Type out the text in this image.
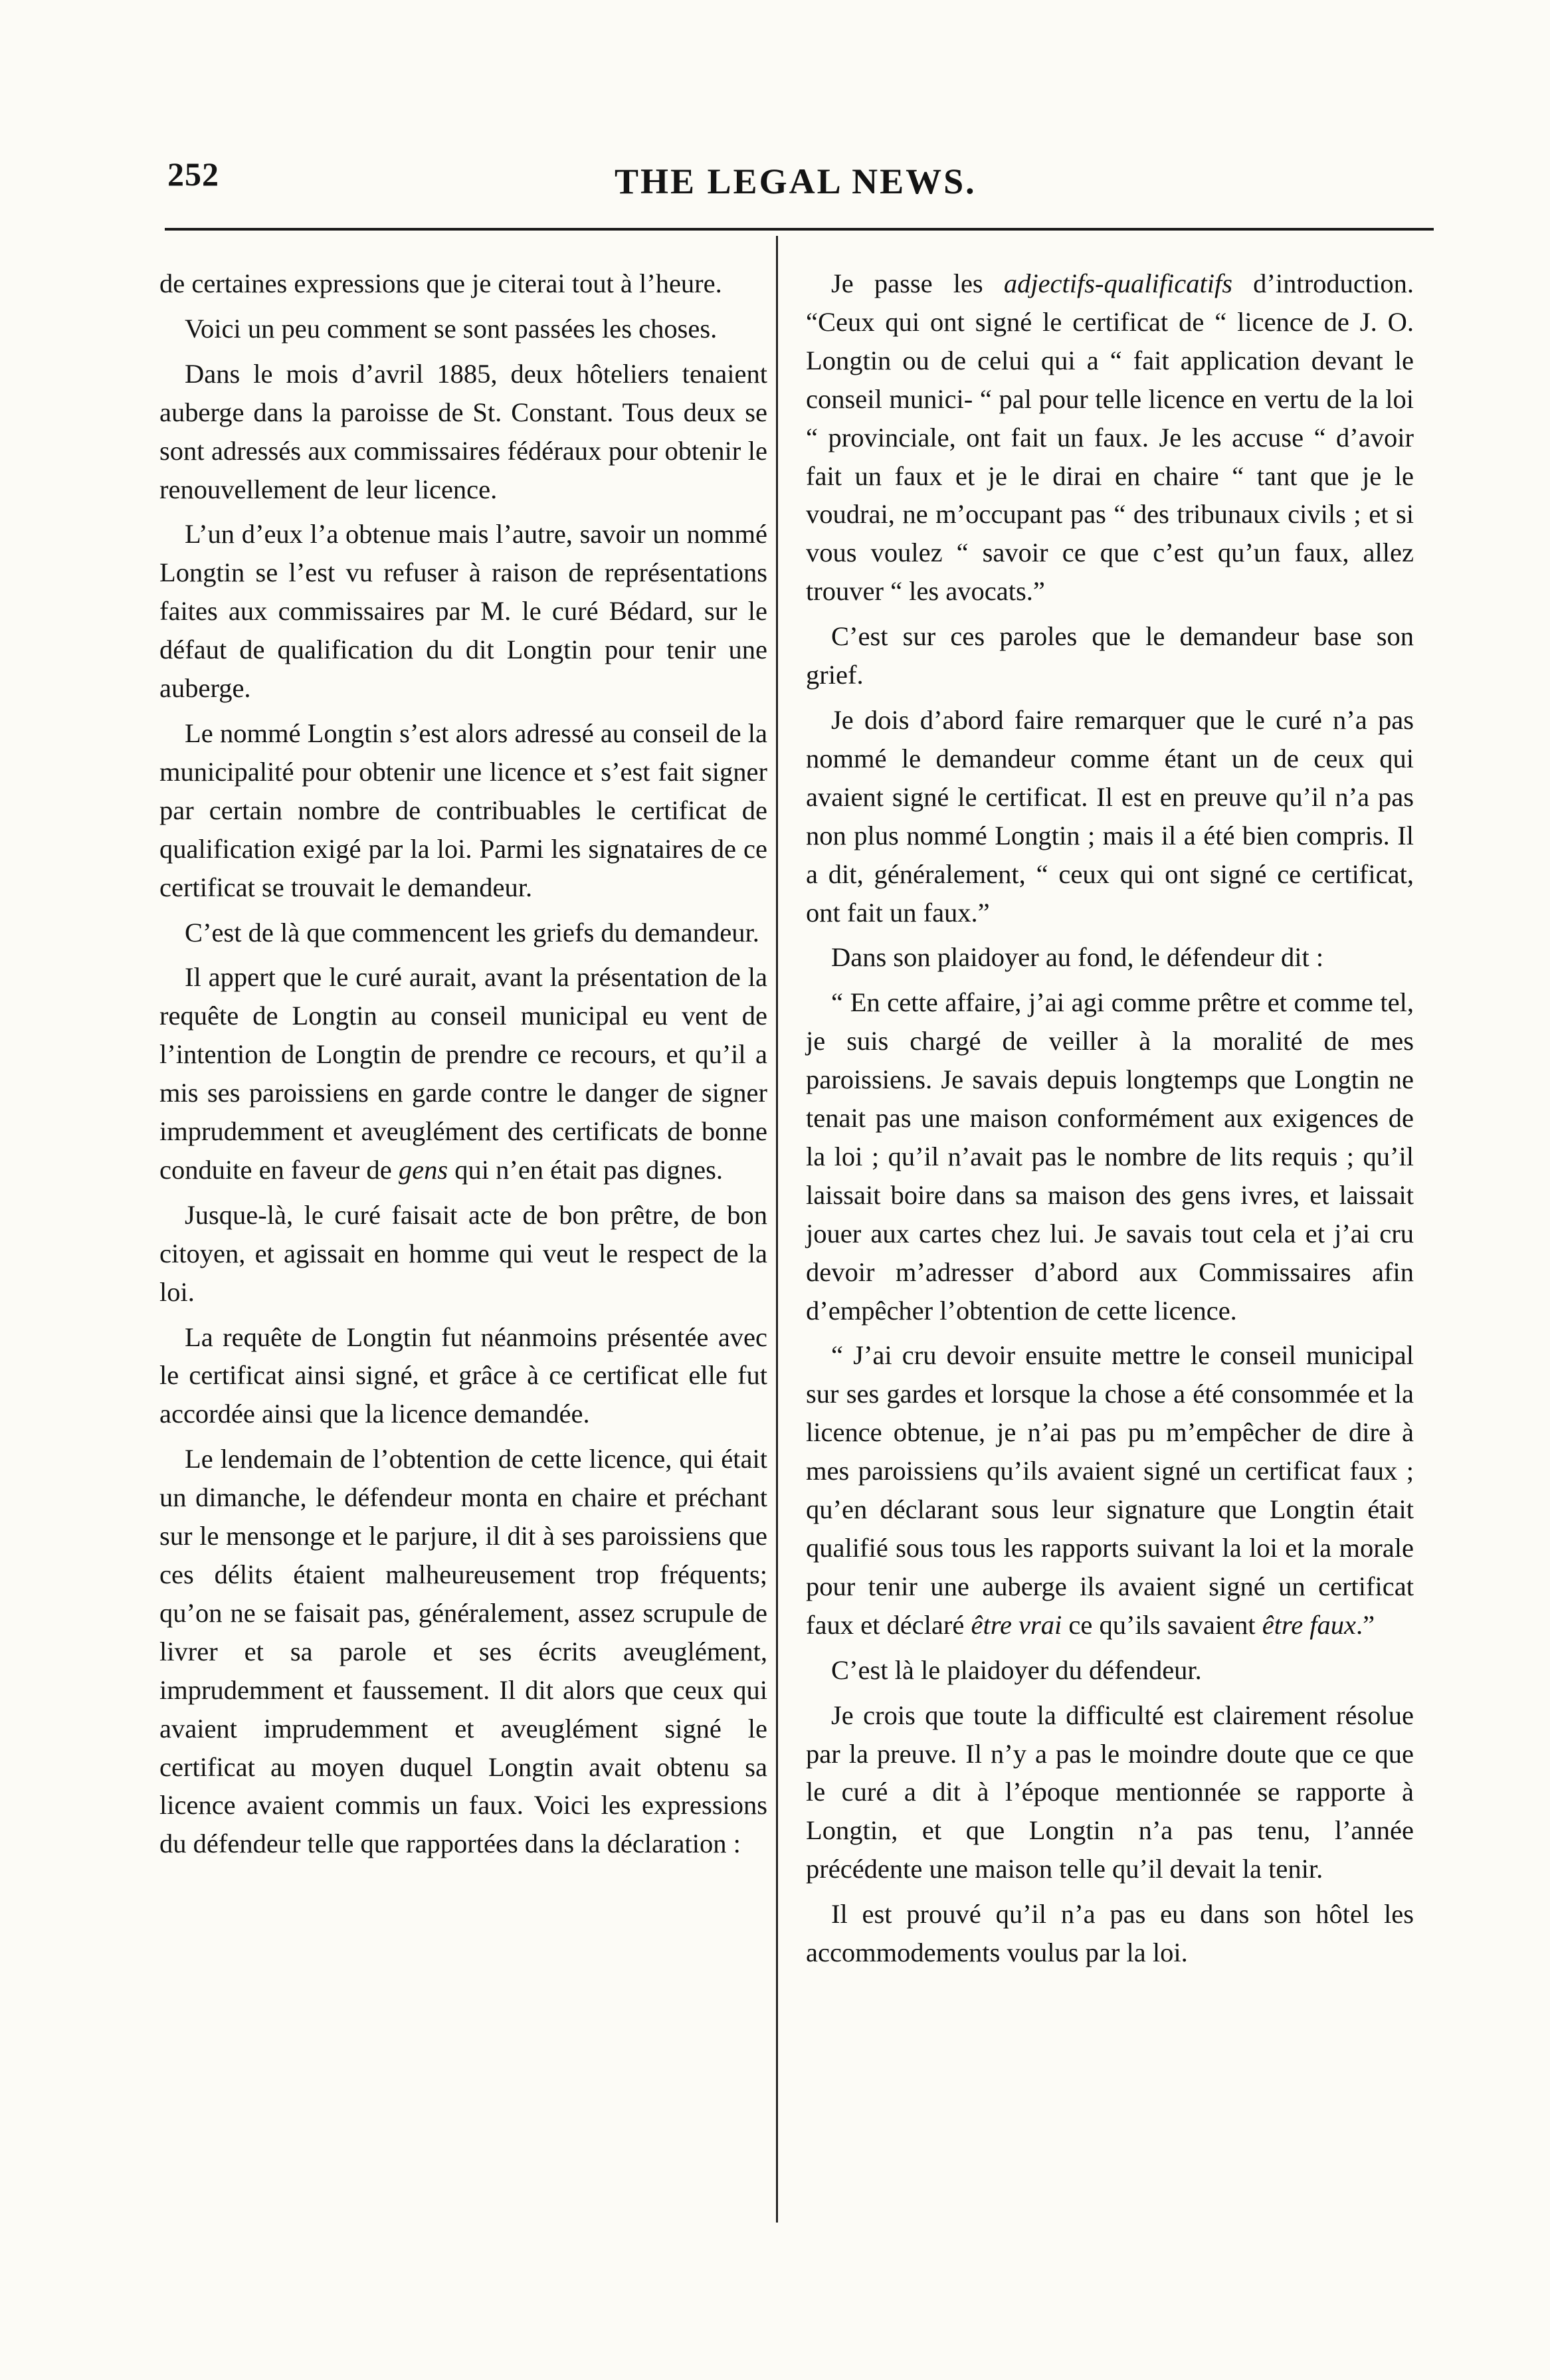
252	THE LEGAL NEWS.

de certaines expressions que je citerai tout à l’heure.

Voici un peu comment se sont passées les choses.

Dans le mois d’avril 1885, deux hôteliers tenaient auberge dans la paroisse de St. Constant. Tous deux se sont adressés aux commissaires fédéraux pour obtenir le renouvellement de leur licence.

L’un d’eux l’a obtenue mais l’autre, savoir un nommé Longtin se l’est vu refuser à raison de représentations faites aux commissaires par M. le curé Bédard, sur le défaut de qualification du dit Longtin pour tenir une auberge.

Le nommé Longtin s’est alors adressé au conseil de la municipalité pour obtenir une licence et s’est fait signer par certain nombre de contribuables le certificat de qualification exigé par la loi. Parmi les signataires de ce certificat se trouvait le demandeur.

C’est de là que commencent les griefs du demandeur.

Il appert que le curé aurait, avant la présentation de la requête de Longtin au conseil municipal eu vent de l’intention de Longtin de prendre ce recours, et qu’il a mis ses paroissiens en garde contre le danger de signer imprudemment et aveuglément des certificats de bonne conduite en faveur de gens qui n’en était pas dignes.

Jusque-là, le curé faisait acte de bon prêtre, de bon citoyen, et agissait en homme qui veut le respect de la loi.

La requête de Longtin fut néanmoins présentée avec le certificat ainsi signé, et grâce à ce certificat elle fut accordée ainsi que la licence demandée.

Le lendemain de l’obtention de cette licence, qui était un dimanche, le défendeur monta en chaire et préchant sur le mensonge et le parjure, il dit à ses paroissiens que ces délits étaient malheureusement trop fréquents; qu’on ne se faisait pas, généralement, assez scrupule de livrer et sa parole et ses écrits aveuglément, imprudemment et faussement. Il dit alors que ceux qui avaient imprudemment et aveuglément signé le certificat au moyen duquel Longtin avait obtenu sa licence avaient commis un faux. Voici les expressions du défendeur telle que rapportées dans la déclaration :

Je passe les adjectifs-qualificatifs d’introduction. “Ceux qui ont signé le certificat de “ licence de J. O. Longtin ou de celui qui a “ fait application devant le conseil munici- “ pal pour telle licence en vertu de la loi “ provinciale, ont fait un faux. Je les accuse “ d’avoir fait un faux et je le dirai en chaire “ tant que je le voudrai, ne m’occupant pas “ des tribunaux civils ; et si vous voulez “ savoir ce que c’est qu’un faux, allez trouver “ les avocats.”

C’est sur ces paroles que le demandeur base son grief.

Je dois d’abord faire remarquer que le curé n’a pas nommé le demandeur comme étant un de ceux qui avaient signé le certificat. Il est en preuve qu’il n’a pas non plus nommé Longtin ; mais il a été bien compris. Il a dit, généralement, “ ceux qui ont signé ce certificat, ont fait un faux.”

Dans son plaidoyer au fond, le défendeur dit :

“ En cette affaire, j’ai agi comme prêtre et comme tel, je suis chargé de veiller à la moralité de mes paroissiens. Je savais depuis longtemps que Longtin ne tenait pas une maison conformément aux exigences de la loi ; qu’il n’avait pas le nombre de lits requis ; qu’il laissait boire dans sa maison des gens ivres, et laissait jouer aux cartes chez lui. Je savais tout cela et j’ai cru devoir m’adresser d’abord aux Commissaires afin d’empêcher l’obtention de cette licence.

“ J’ai cru devoir ensuite mettre le conseil municipal sur ses gardes et lorsque la chose a été consommée et la licence obtenue, je n’ai pas pu m’empêcher de dire à mes paroissiens qu’ils avaient signé un certificat faux ; qu’en déclarant sous leur signature que Longtin était qualifié sous tous les rapports suivant la loi et la morale pour tenir une auberge ils avaient signé un certificat faux et déclaré être vrai ce qu’ils savaient être faux.”

C’est là le plaidoyer du défendeur.

Je crois que toute la difficulté est clairement résolue par la preuve. Il n’y a pas le moindre doute que ce que le curé a dit à l’époque mentionnée se rapporte à Longtin, et que Longtin n’a pas tenu, l’année précédente une maison telle qu’il devait la tenir.

Il est prouvé qu’il n’a pas eu dans son hôtel les accommodements voulus par la loi.
